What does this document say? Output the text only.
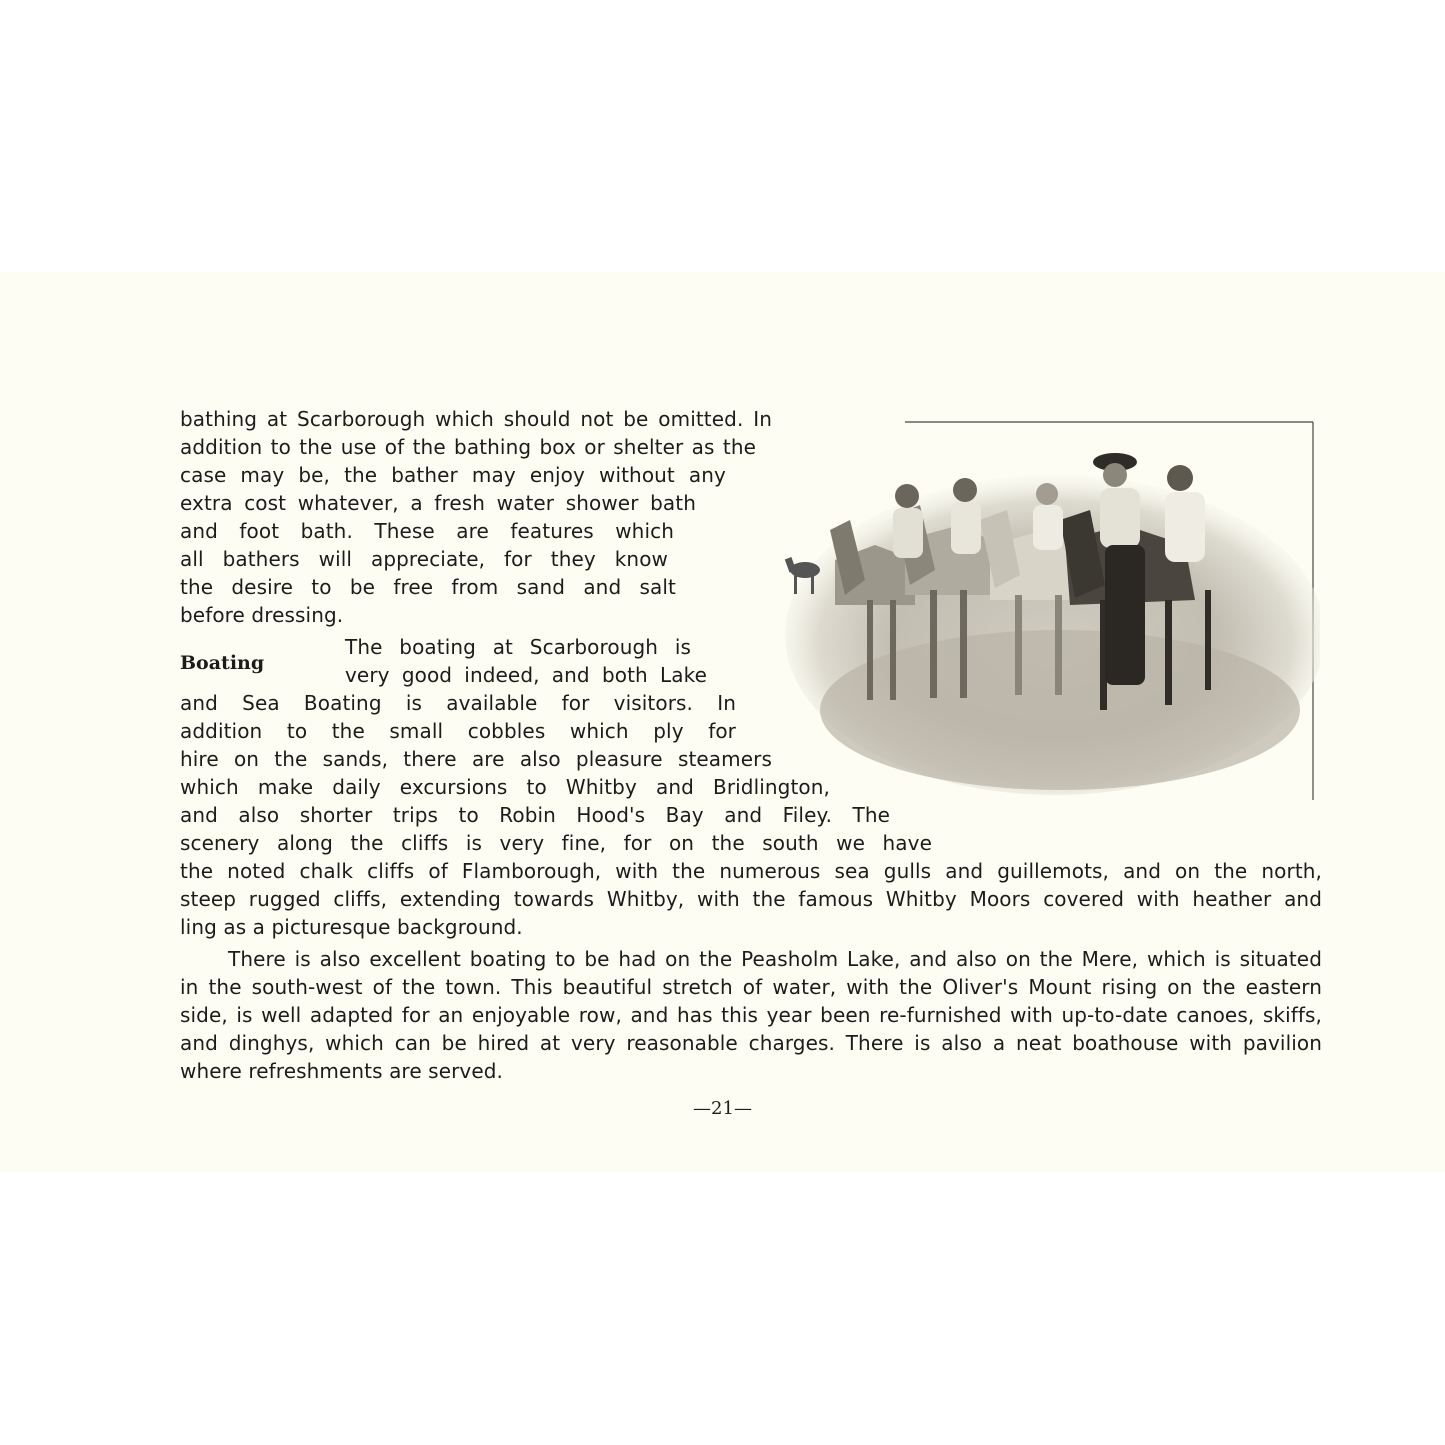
bathing at Scarborough which should not be omitted. In

addition to the use of the bathing box or shelter as the

case may be, the bather may enjoy without any

extra cost whatever, a fresh water shower bath

and foot bath. These are features which

all bathers will appreciate, for they know

the desire to be free from sand and salt

before dressing.

Boating

The boating at Scarborough is

very good indeed, and both Lake

and Sea Boating is available for visitors. In

addition to the small cobbles which ply for

hire on the sands, there are also pleasure steamers

which make daily excursions to Whitby and Bridlington,

and also shorter trips to Robin Hood's Bay and Filey. The

scenery along the cliffs is very fine, for on the south we have

the noted chalk cliffs of Flamborough, with the numerous sea gulls and guillemots, and on the north,

steep rugged cliffs, extending towards Whitby, with the famous Whitby Moors covered with heather and

ling as a picturesque background.

There is also excellent boating to be had on the Peasholm Lake, and also on the Mere, which is situated

in the south-west of the town. This beautiful stretch of water, with the Oliver's Mount rising on the eastern

side, is well adapted for an enjoyable row, and has this year been re-furnished with up-to-date canoes, skiffs,

and dinghys, which can be hired at very reasonable charges. There is also a neat boathouse with pavilion

where refreshments are served.

—21—
